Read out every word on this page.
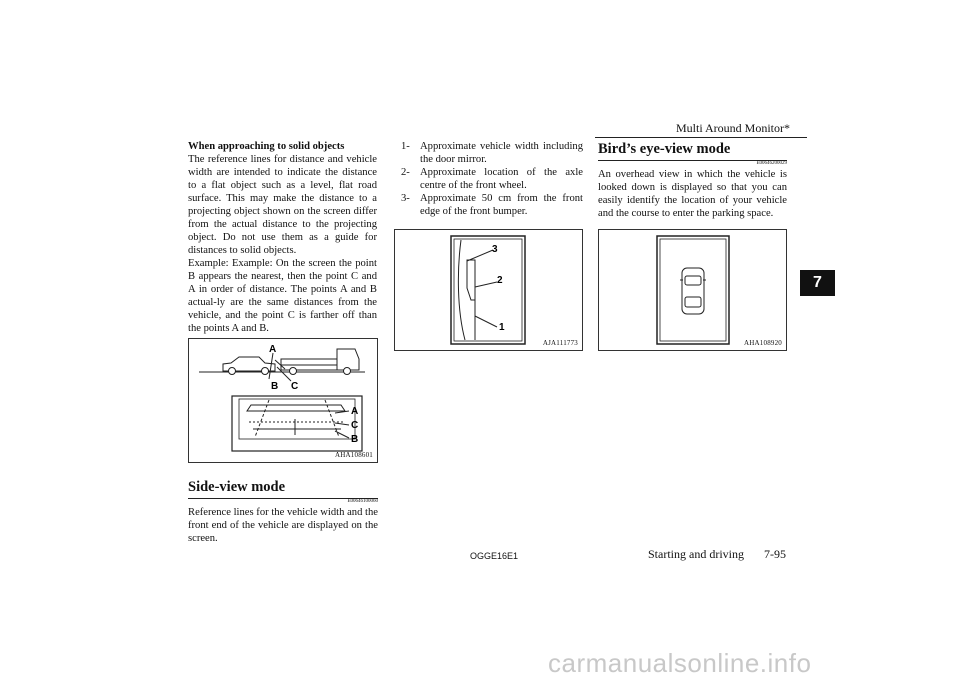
Multi Around Monitor*
When approaching to solid objects
The reference lines for distance and vehicle width are intended to indicate the distance to a flat object such as a level, flat road surface. This may make the distance to a projecting object shown on the screen differ from the actual distance to the projecting object. Do not use them as a guide for distances to solid objects.
Example: Example: On the screen the point B appears the nearest, then the point C and A in order of distance. The points A and B actual-ly are the same distances from the vehicle, and the point C is farther off than the points A and B.
A
B C
A
C
B
AHA108601
Side-view mode
E00646100060
Reference lines for the vehicle width and the front end of the vehicle are displayed on the screen.
1- Approximate vehicle width including the door mirror.
2- Approximate location of the axle centre of the front wheel.
3- Approximate 50 cm from the front edge of the front bumper.
3
2
1
AJA111773
Bird’s eye-view mode
E00646200029
An overhead view in which the vehicle is looked down is displayed so that you can easily identify the location of your vehicle and the course to enter the parking space.
AHA108920
7
OGGE16E1	Starting and driving 7-95
carmanualsonline.info
